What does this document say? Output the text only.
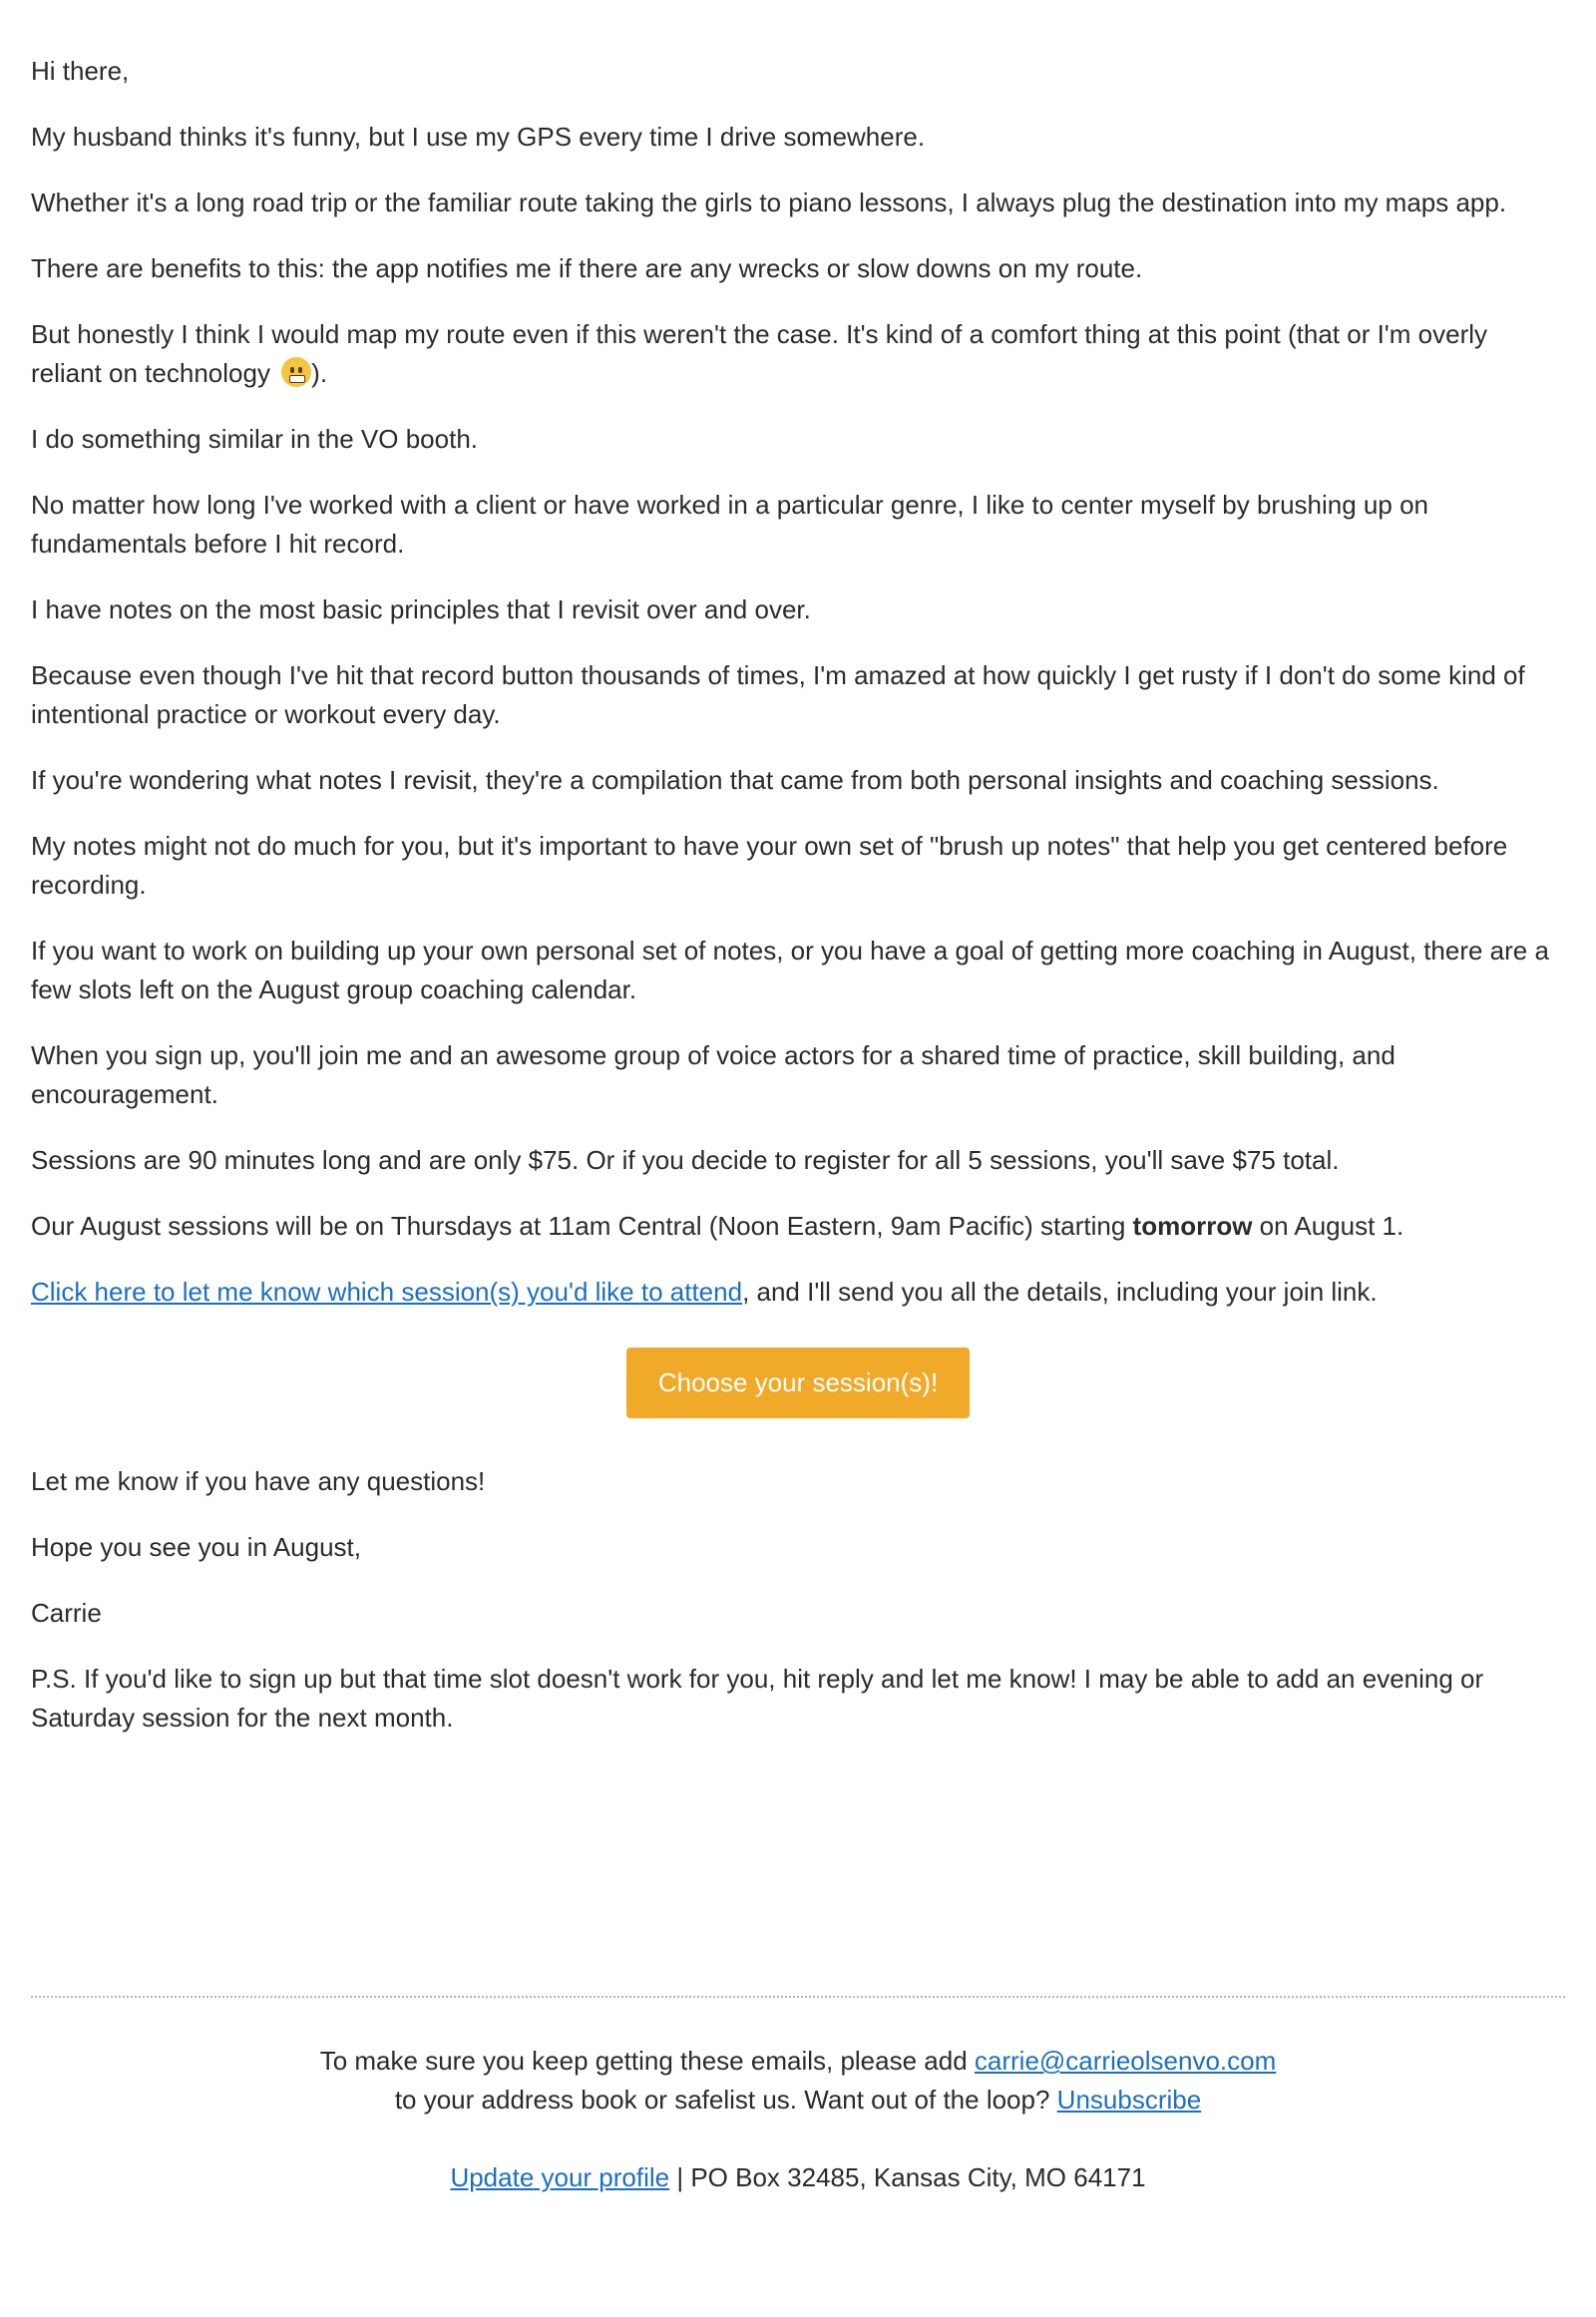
Hi there,

My husband thinks it's funny, but I use my GPS every time I drive somewhere.

Whether it's a long road trip or the familiar route taking the girls to piano lessons, I always plug the destination into my maps app.

There are benefits to this: the app notifies me if there are any wrecks or slow downs on my route.

But honestly I think I would map my route even if this weren't the case. It's kind of a comfort thing at this point (that or I'm overly reliant on technology
).

I do something similar in the VO booth.

No matter how long I've worked with a client or have worked in a particular genre, I like to center myself by brushing up on fundamentals before I hit record.

I have notes on the most basic principles that I revisit over and over.

Because even though I've hit that record button thousands of times, I'm amazed at how quickly I get rusty if I don't do some kind of intentional practice or workout every day.

If you're wondering what notes I revisit, they're a compilation that came from both personal insights and coaching sessions.

My notes might not do much for you, but it's important to have your own set of "brush up notes" that help you get centered before recording.

If you want to work on building up your own personal set of notes, or you have a goal of getting more coaching in August, there are a few slots left on the August group coaching calendar.

When you sign up, you'll join me and an awesome group of voice actors for a shared time of practice, skill building, and encouragement.

Sessions are 90 minutes long and are only $75. Or if you decide to register for all 5 sessions, you'll save $75 total.

Our August sessions will be on Thursdays at 11am Central (Noon Eastern, 9am Pacific) starting tomorrow on August 1.

Click here to let me know which session(s) you'd like to attend, and I'll send you all the details, including your join link.

Choose your session(s)!

Let me know if you have any questions!

Hope you see you in August,

Carrie

P.S. If you'd like to sign up but that time slot doesn't work for you, hit reply and let me know! I may be able to add an evening or Saturday session for the next month.

To make sure you keep getting these emails, please add carrie@carrieolsenvo.com
to your address book or safelist us. Want out of the loop? Unsubscribe
Update your profile | PO Box 32485, Kansas City, MO 64171
